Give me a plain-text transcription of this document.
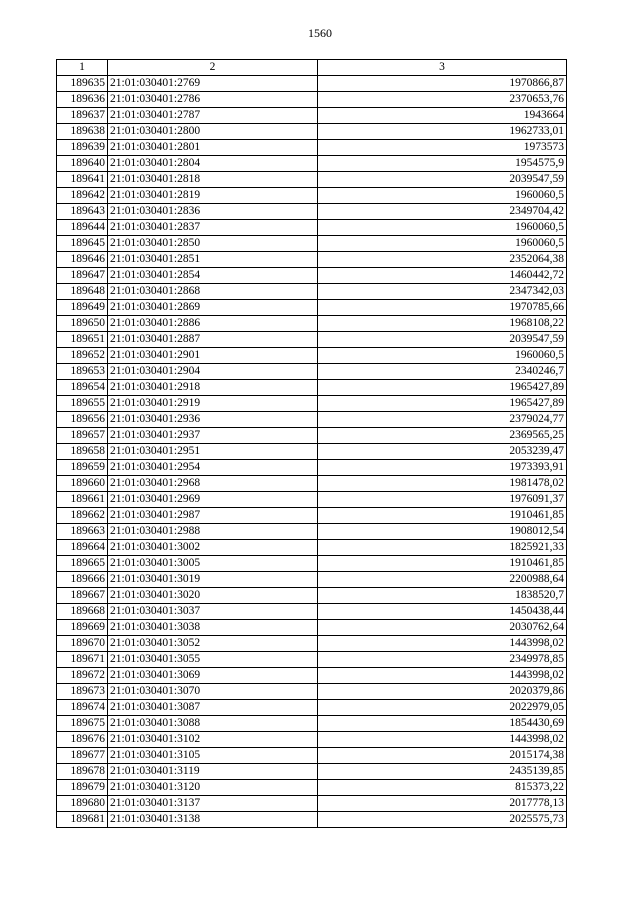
1560
1	2	3
189635	21:01:030401:2769	1970866,87
189636	21:01:030401:2786	2370653,76
189637	21:01:030401:2787	1943664
189638	21:01:030401:2800	1962733,01
189639	21:01:030401:2801	1973573
189640	21:01:030401:2804	1954575,9
189641	21:01:030401:2818	2039547,59
189642	21:01:030401:2819	1960060,5
189643	21:01:030401:2836	2349704,42
189644	21:01:030401:2837	1960060,5
189645	21:01:030401:2850	1960060,5
189646	21:01:030401:2851	2352064,38
189647	21:01:030401:2854	1460442,72
189648	21:01:030401:2868	2347342,03
189649	21:01:030401:2869	1970785,66
189650	21:01:030401:2886	1968108,22
189651	21:01:030401:2887	2039547,59
189652	21:01:030401:2901	1960060,5
189653	21:01:030401:2904	2340246,7
189654	21:01:030401:2918	1965427,89
189655	21:01:030401:2919	1965427,89
189656	21:01:030401:2936	2379024,77
189657	21:01:030401:2937	2369565,25
189658	21:01:030401:2951	2053239,47
189659	21:01:030401:2954	1973393,91
189660	21:01:030401:2968	1981478,02
189661	21:01:030401:2969	1976091,37
189662	21:01:030401:2987	1910461,85
189663	21:01:030401:2988	1908012,54
189664	21:01:030401:3002	1825921,33
189665	21:01:030401:3005	1910461,85
189666	21:01:030401:3019	2200988,64
189667	21:01:030401:3020	1838520,7
189668	21:01:030401:3037	1450438,44
189669	21:01:030401:3038	2030762,64
189670	21:01:030401:3052	1443998,02
189671	21:01:030401:3055	2349978,85
189672	21:01:030401:3069	1443998,02
189673	21:01:030401:3070	2020379,86
189674	21:01:030401:3087	2022979,05
189675	21:01:030401:3088	1854430,69
189676	21:01:030401:3102	1443998,02
189677	21:01:030401:3105	2015174,38
189678	21:01:030401:3119	2435139,85
189679	21:01:030401:3120	815373,22
189680	21:01:030401:3137	2017778,13
189681	21:01:030401:3138	2025575,73
